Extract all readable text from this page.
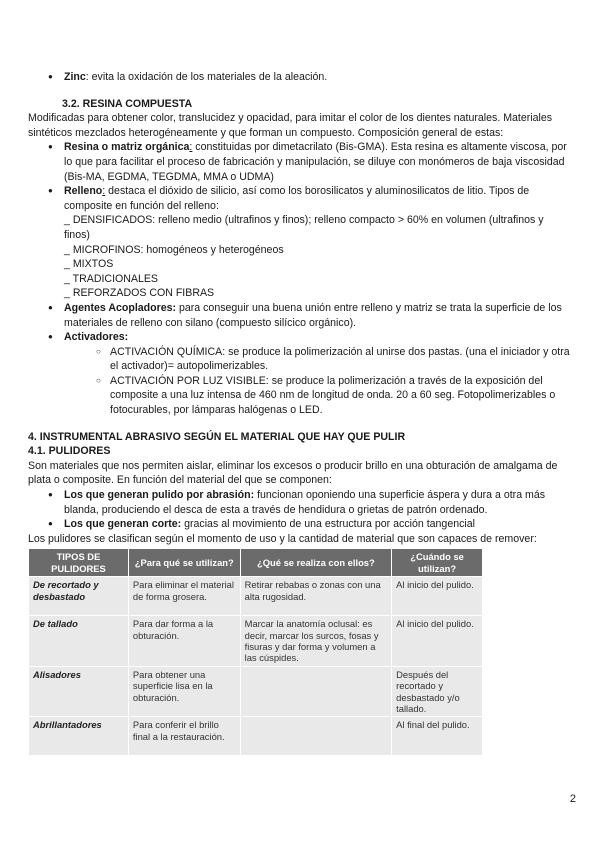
● Zinc: evita la oxidación de los materiales de la aleación.
3.2. RESINA COMPUESTA
Modificadas para obtener color, translucidez y opacidad, para imitar el color de los dientes naturales. Materiales sintéticos mezclados heterogéneamente y que forman un compuesto. Composición general de estas:
● Resina o matriz orgánica: constituidas por dimetacrilato (Bis-GMA). Esta resina es altamente viscosa, por lo que para facilitar el proceso de fabricación y manipulación, se diluye con monómeros de baja viscosidad (Bis-MA, EGDMA, TEGDMA, MMA o UDMA)
● Relleno: destaca el dióxido de silicio, así como los borosilicatos y aluminosilicatos de litio. Tipos de composite en función del relleno:
_ DENSIFICADOS: relleno medio (ultrafinos y finos); relleno compacto > 60% en volumen (ultrafinos y finos)
_ MICROFINOS: homogéneos y heterogéneos
_ MIXTOS
_ TRADICIONALES
_ REFORZADOS CON FIBRAS
● Agentes Acopladores: para conseguir una buena unión entre relleno y matriz se trata la superficie de los materiales de relleno con silano (compuesto silícico orgánico).
● Activadores:
○ ACTIVACIÓN QUÍMICA: se produce la polimerización al unirse dos pastas. (una el iniciador y otra el activador)= autopolimerizables.
○ ACTIVACIÓN POR LUZ VISIBLE: se produce la polimerización a través de la exposición del composite a una luz intensa de 460 nm de longitud de onda. 20 a 60 seg. Fotopolimerizables o fotocurables, por lámparas halógenas o LED.
4. INSTRUMENTAL ABRASIVO SEGÚN EL MATERIAL QUE HAY QUE PULIR
4.1. PULIDORES
Son materiales que nos permiten aislar, eliminar los excesos o producir brillo en una obturación de amalgama de plata o composite. En función del material del que se componen:
● Los que generan pulido por abrasión: funcionan oponiendo una superficie áspera y dura a otra más blanda, produciendo el desca de esta a través de hendidura o grietas de patrón ordenado.
● Los que generan corte: gracias al movimiento de una estructura por acción tangencial
Los pulidores se clasifican según el momento de uso y la cantidad de material que son capaces de remover:
TIPOS DE PULIDORES	¿Para qué se utilizan?	¿Qué se realiza con ellos?	¿Cuándo se utilizan?
De recortado y desbastado	Para eliminar el material de forma grosera.	Retirar rebabas o zonas con una alta rugosidad.	Al inicio del pulido.
De tallado	Para dar forma a la obturación.	Marcar la anatomía oclusal: es decir, marcar los surcos, fosas y fisuras y dar forma y volumen a las cúspides.	Al inicio del pulido.
Alisadores	Para obtener una superficie lisa en la obturación.		Después del recortado y desbastado y/o tallado.
Abrillantadores	Para conferir el brillo final a la restauración.		Al final del pulido.
2
